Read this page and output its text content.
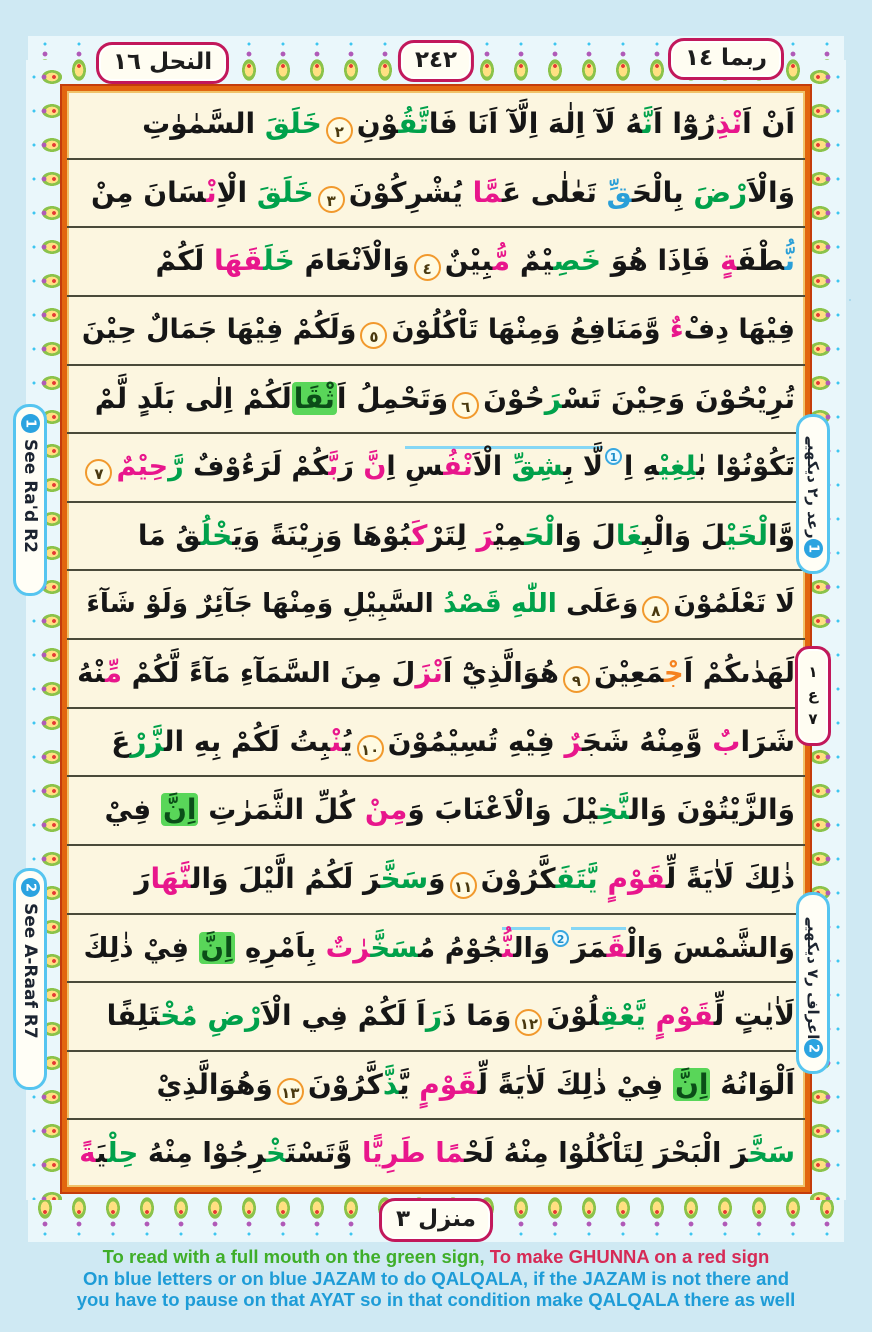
النحل ١٦	٢٤٢	ربما ١٤
اَنْ اَنْذِرُوْٓا اَنَّهُ لَآ اِلٰهَ اِلَّآ اَنَا فَاتَّقُوْنِ٢خَلَقَ السَّمٰوٰتِ
وَالْاَرْضَ بِالْحَقِّ تَعٰلٰى عَمَّا يُشْرِكُوْنَ٣خَلَقَ الْاِنْسَانَ مِنْ
نُّطْفَةٍ فَاِذَا هُوَ خَصِيْمٌ مُّبِيْنٌ٤وَالْاَنْعَامَ خَلَقَهَا لَكُمْ
فِيْهَا دِفْءٌ وَّمَنَافِعُ وَمِنْهَا تَاْكُلُوْنَ٥وَلَكُمْ فِيْهَا جَمَالٌ حِيْنَ
تُرِيْحُوْنَ وَحِيْنَ تَسْرَحُوْنَ٦وَتَحْمِلُ اَثْقَالَكُمْ اِلٰى بَلَدٍ لَّمْ
تَكُوْنُوْا بٰلِغِيْهِ اِ1لَّا بِشِقِّ الْاَنْفُسِ اِنَّ رَبَّكُمْ لَرَءُوْفٌ رَّحِيْمٌ٧
وَّالْخَيْلَ وَالْبِغَالَ وَالْحَمِيْرَ لِتَرْكَبُوْهَا وَزِيْنَةً وَيَخْلُقُ مَا
لَا تَعْلَمُوْنَ٨وَعَلَى اللّٰهِ قَصْدُ السَّبِيْلِ وَمِنْهَا جَآئِرٌ وَلَوْ شَآءَ
لَهَدٰىكُمْ اَجْمَعِيْنَ٩هُوَالَّذِيْٓ اَنْزَلَ مِنَ السَّمَآءِ مَآءً لَّكُمْ مِّنْهُ
شَرَابٌ وَّمِنْهُ شَجَرٌ فِيْهِ تُسِيْمُوْنَ١٠يُنْبِتُ لَكُمْ بِهِ الزَّرْعَ
وَالزَّيْتُوْنَ وَالنَّخِيْلَ وَالْاَعْنَابَ وَمِنْ كُلِّ الثَّمَرٰتِ اِنَّ فِيْ
ذٰلِكَ لَاٰيَةً لِّقَوْمٍ يَّتَفَكَّرُوْنَ١١وَسَخَّرَ لَكُمُ الَّيْلَ وَالنَّهَارَ
وَالشَّمْسَ وَالْقَمَرَ2وَالنُّجُوْمُ مُسَخَّرٰتٌ بِاَمْرِهِ اِنَّ فِيْ ذٰلِكَ
لَاٰيٰتٍ لِّقَوْمٍ يَّعْقِلُوْنَ١٢وَمَا ذَرَاَ لَكُمْ فِي الْاَرْضِ مُخْتَلِفًا
اَلْوَانُهُ اِنَّ فِيْ ذٰلِكَ لَاٰيَةً لِّقَوْمٍ يَّذَّكَّرُوْنَ١٣وَهُوَالَّذِيْ
سَخَّرَ الْبَحْرَ لِتَاْكُلُوْا مِنْهُ لَحْمًا طَرِيًّا وَّتَسْتَخْرِجُوْا مِنْهُ حِلْيَةً
1
See Ra'd R2
2
See A-Raaf R7
1
رعد ر٢ دیکھیے
2
اعراف ر٧ دیکھیے
١
ع
٧
منزل ٣
To read with a full mouth on the green sign, To make GHUNNA on a red sign
On blue letters or on blue JAZAM to do QALQALA, if the JAZAM is not there and
you have to pause on that AYAT so in that condition make QALQALA there as well
